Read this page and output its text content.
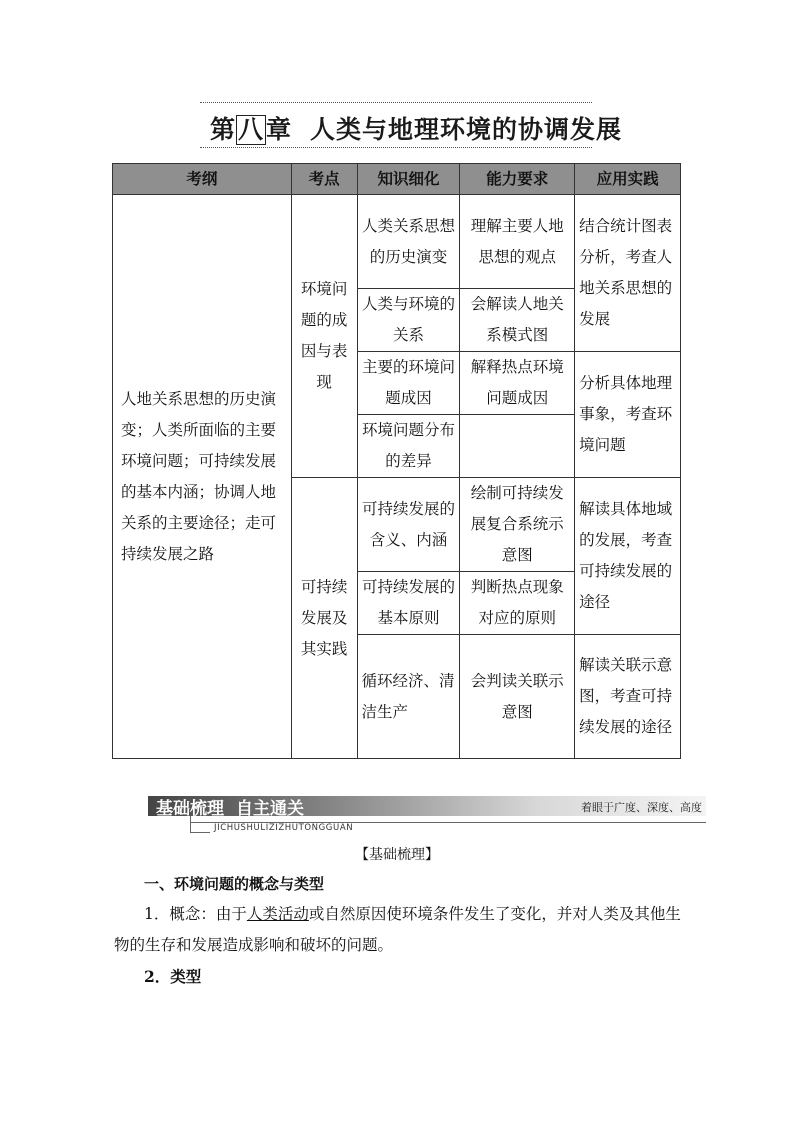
第八章 人类与地理环境的协调发展
考纲	考点	知识细化	能力要求	应用实践
人地关系思想的历史演变；人类所面临的主要环境问题；可持续发展的基本内涵；协调人地关系的主要途径；走可持续发展之路	环境问题的成因与表现	人类关系思想的历史演变	理解主要人地思想的观点	结合统计图表分析，考查人地关系思想的发展
		人类与环境的关系	会解读人地关系模式图	
		主要的环境问题成因	解释热点环境问题成因	分析具体地理事象，考查环境问题
		环境问题分布的差异		
	可持续发展及其实践	可持续发展的含义、内涵	绘制可持续发展复合系统示意图	解读具体地域的发展，考查可持续发展的途径
		可持续发展的基本原则	判断热点现象对应的原则	
		循环经济、清洁生产	会判读关联示意图	解读关联示意图，考查可持续发展的途径
基础梳理 自主通关	着眼于广度、深度、高度
JICHUSHULIZIZHUTONGGUAN
【基础梳理】
一、环境问题的概念与类型
1．概念：由于人类活动或自然原因使环境条件发生了变化，并对人类及其他生物的生存和发展造成影响和破坏的问题。
2．类型
